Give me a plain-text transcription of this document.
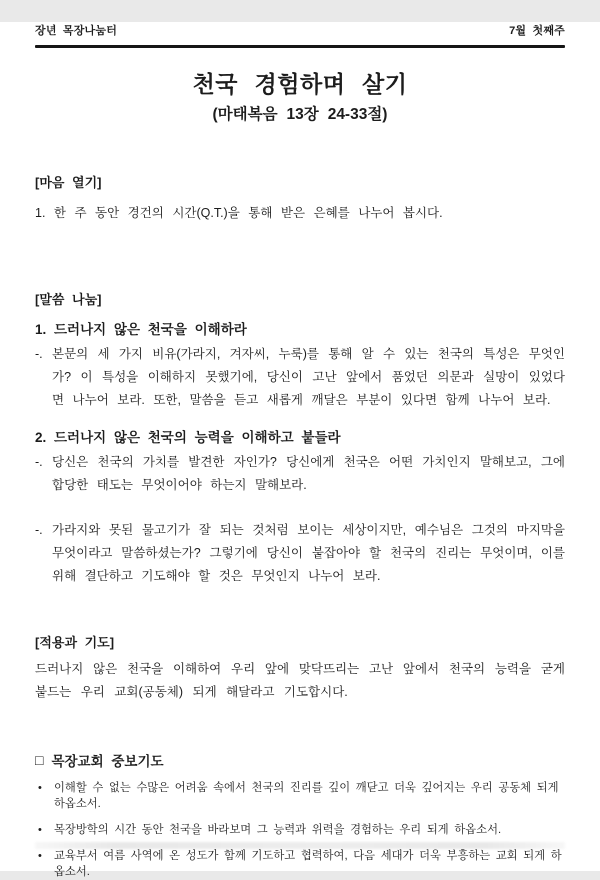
장년 목장나눔터	7월 첫째주
천국 경험하며 살기
(마태복음 13장 24-33절)
[마음 열기]
1. 한 주 동안 경건의 시간(Q.T.)을 통해 받은 은혜를 나누어 봅시다.
[말씀 나눔]
1. 드러나지 않은 천국을 이해하라
-. 본문의 세 가지 비유(가라지, 겨자씨, 누룩)를 통해 알 수 있는 천국의 특성은 무엇인가? 이 특성을 이해하지 못했기에, 당신이 고난 앞에서 품었던 의문과 실망이 있었다면 나누어 보라. 또한, 말씀을 듣고 새롭게 깨달은 부분이 있다면 함께 나누어 보라.
2. 드러나지 않은 천국의 능력을 이해하고 붙들라
-. 당신은 천국의 가치를 발견한 자인가? 당신에게 천국은 어떤 가치인지 말해보고, 그에 합당한 태도는 무엇이어야 하는지 말해보라.
-. 가라지와 못된 물고기가 잘 되는 것처럼 보이는 세상이지만, 예수님은 그것의 마지막을 무엇이라고 말씀하셨는가? 그렇기에 당신이 붙잡아야 할 천국의 진리는 무엇이며, 이를 위해 결단하고 기도해야 할 것은 무엇인지 나누어 보라.
[적용과 기도]
드러나지 않은 천국을 이해하여 우리 앞에 맞닥뜨리는 고난 앞에서 천국의 능력을 굳게 붙드는 우리 교회(공동체) 되게 해달라고 기도합시다.
□ 목장교회 중보기도
•	이해할 수 없는 수많은 어려움 속에서 천국의 진리를 깊이 깨닫고 더욱 깊어지는 우리 공동체 되게 하옵소서.
•	목장방학의 시간 동안 천국을 바라보며 그 능력과 위력을 경험하는 우리 되게 하옵소서.
•	교육부서 여름 사역에 온 성도가 함께 기도하고 협력하여, 다음 세대가 더욱 부흥하는 교회 되게 하옵소서.
